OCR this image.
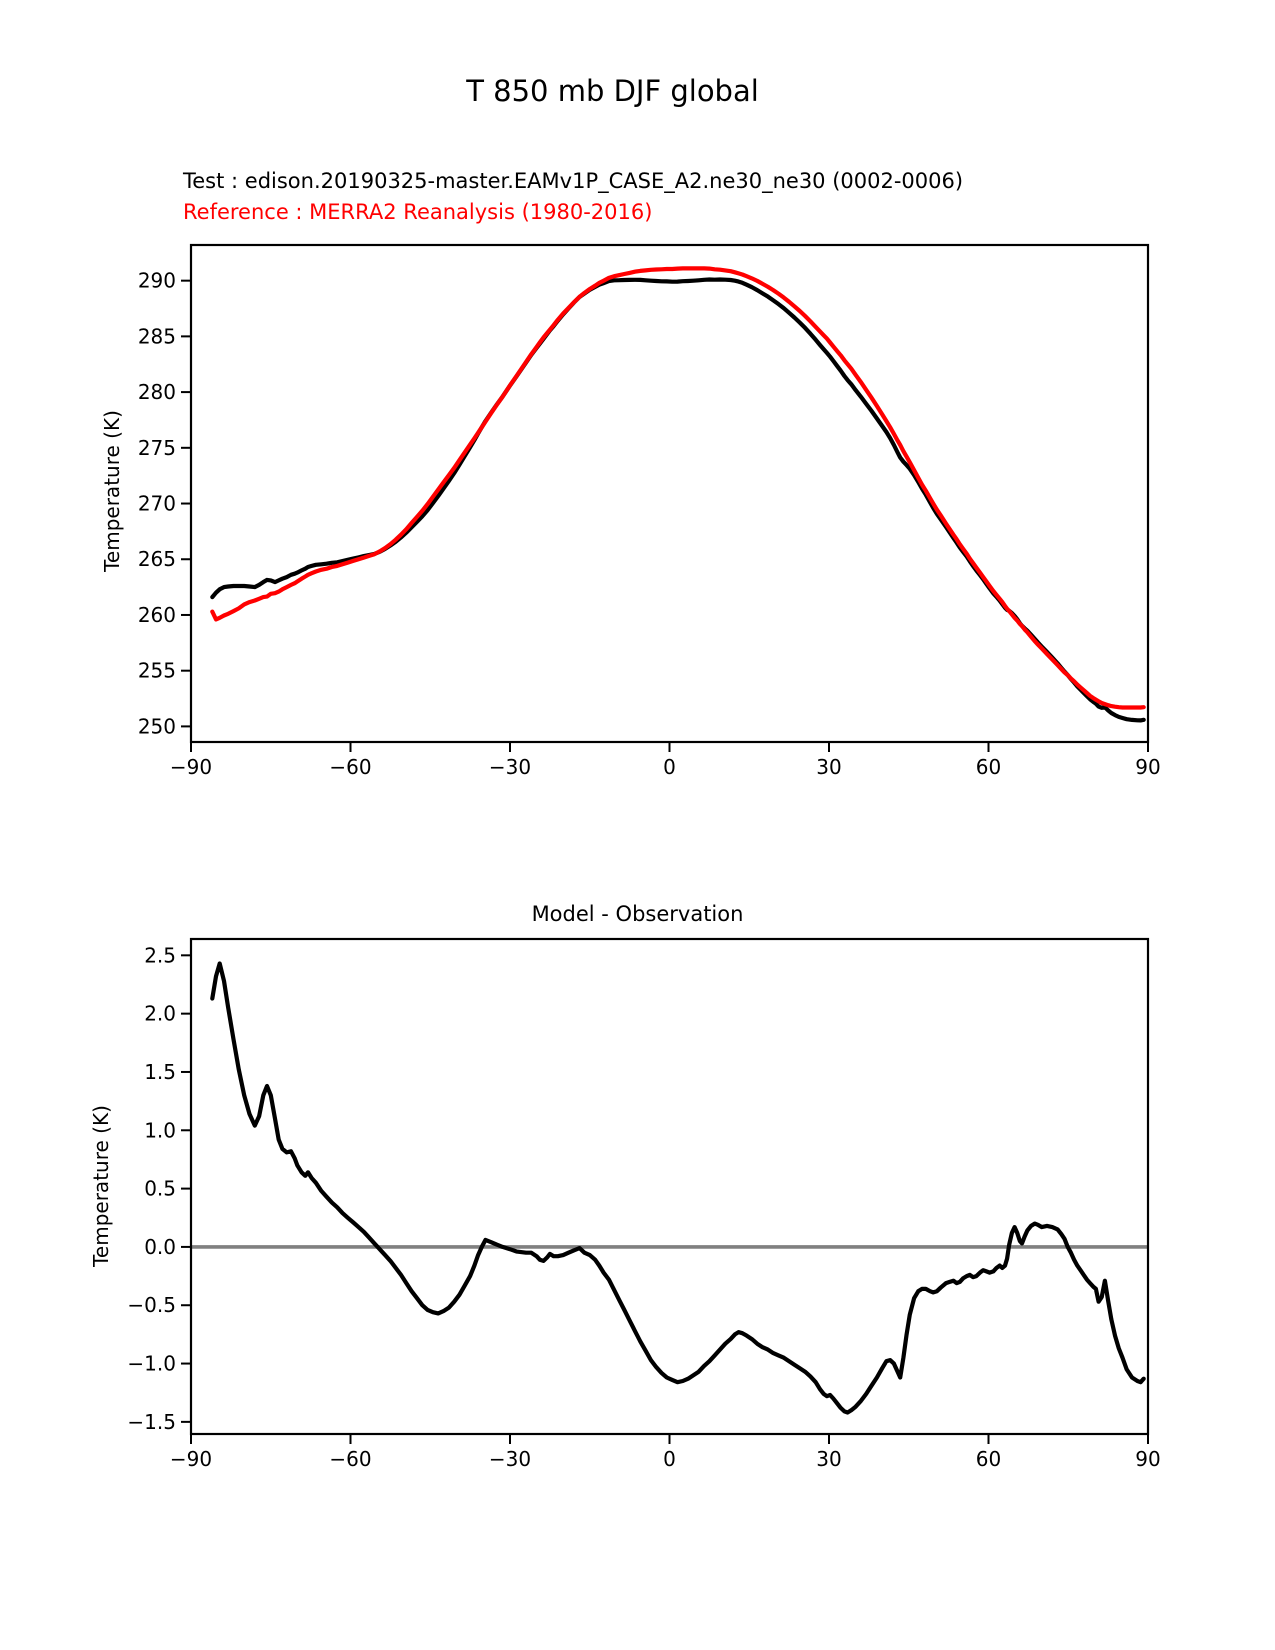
T 850 mb DJF global
Test : edison.20190325-master.EAMv1P_CASE_A2.ne30_ne30 (0002-0006)
Reference : MERRA2 Reanalysis (1980-2016)
Temperature (K)
Model - Observation
Temperature (K)
−90	−60	−30	0	30	60	90
250
255
260
265
270
275
280
285
290
−90	−60	−30	0	30	60	90
−1.5
−1.0
−0.5
0.0
0.5
1.0
1.5
2.0
2.5
